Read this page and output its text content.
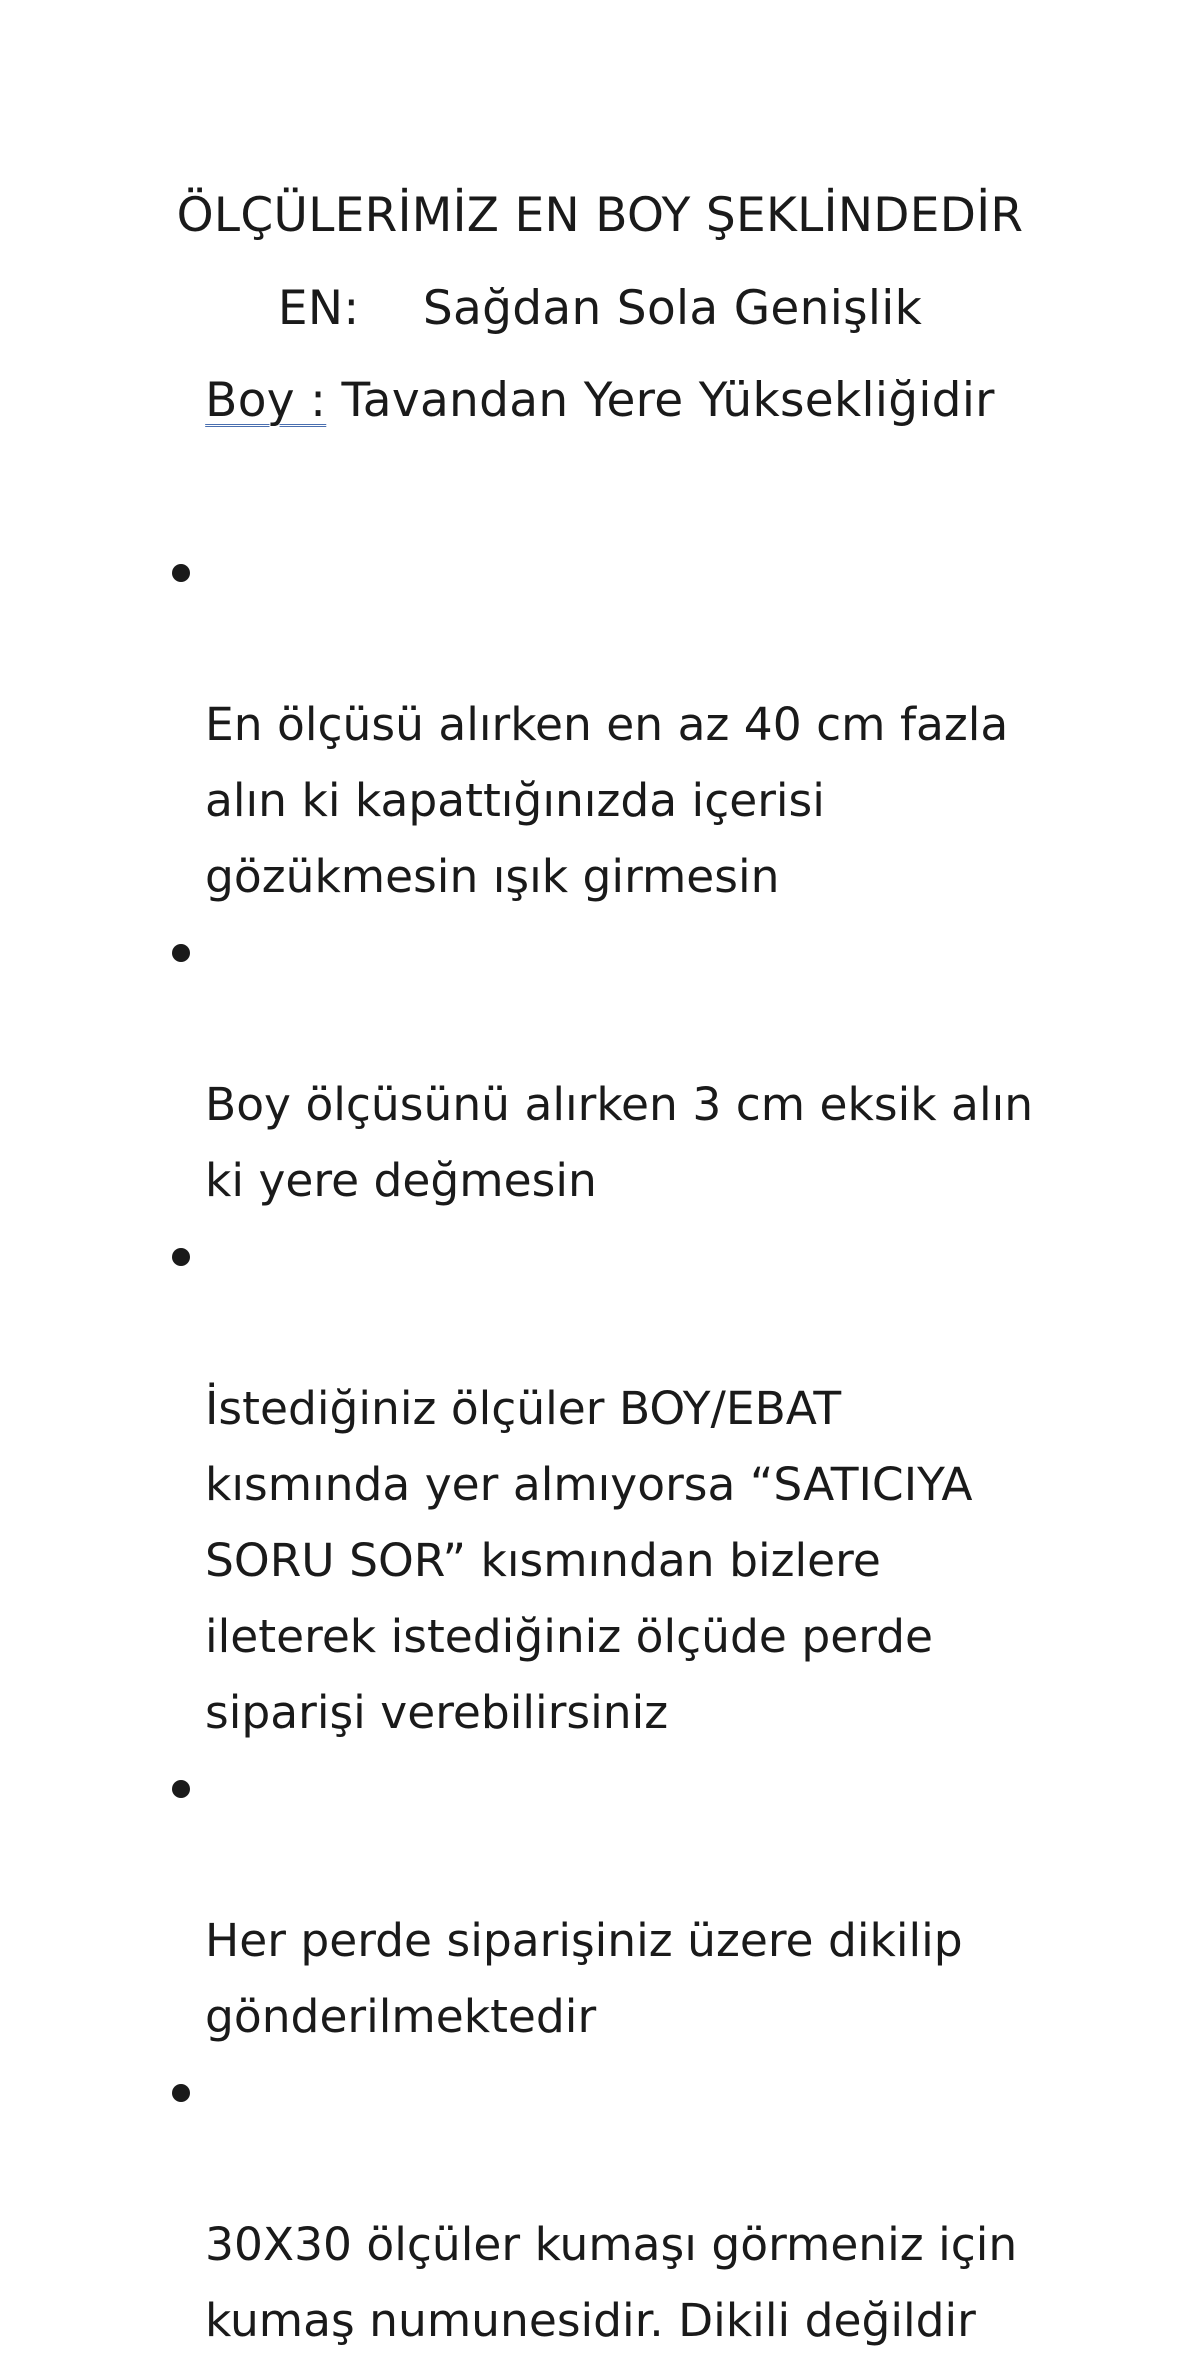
ÖLÇÜLERİMİZ EN BOY ŞEKLİNDEDİR
EN: Sağdan Sola Genişlik
Boy : Tavandan Yere Yüksekliğidir

En ölçüsü alırken en az 40 cm fazla
alın ki kapattığınızda içerisi
gözükmesin ışık girmesin

Boy ölçüsünü alırken 3 cm eksik alın
ki yere değmesin

İstediğiniz ölçüler BOY/EBAT
kısmında yer almıyorsa “SATICIYA
SORU SOR” kısmından bizlere
ileterek istediğiniz ölçüde perde
siparişi verebilirsiniz

Her perde siparişiniz üzere dikilip
gönderilmektedir

30X30 ölçüler kumaşı görmeniz için
kumaş numunesidir. Dikili değildir
